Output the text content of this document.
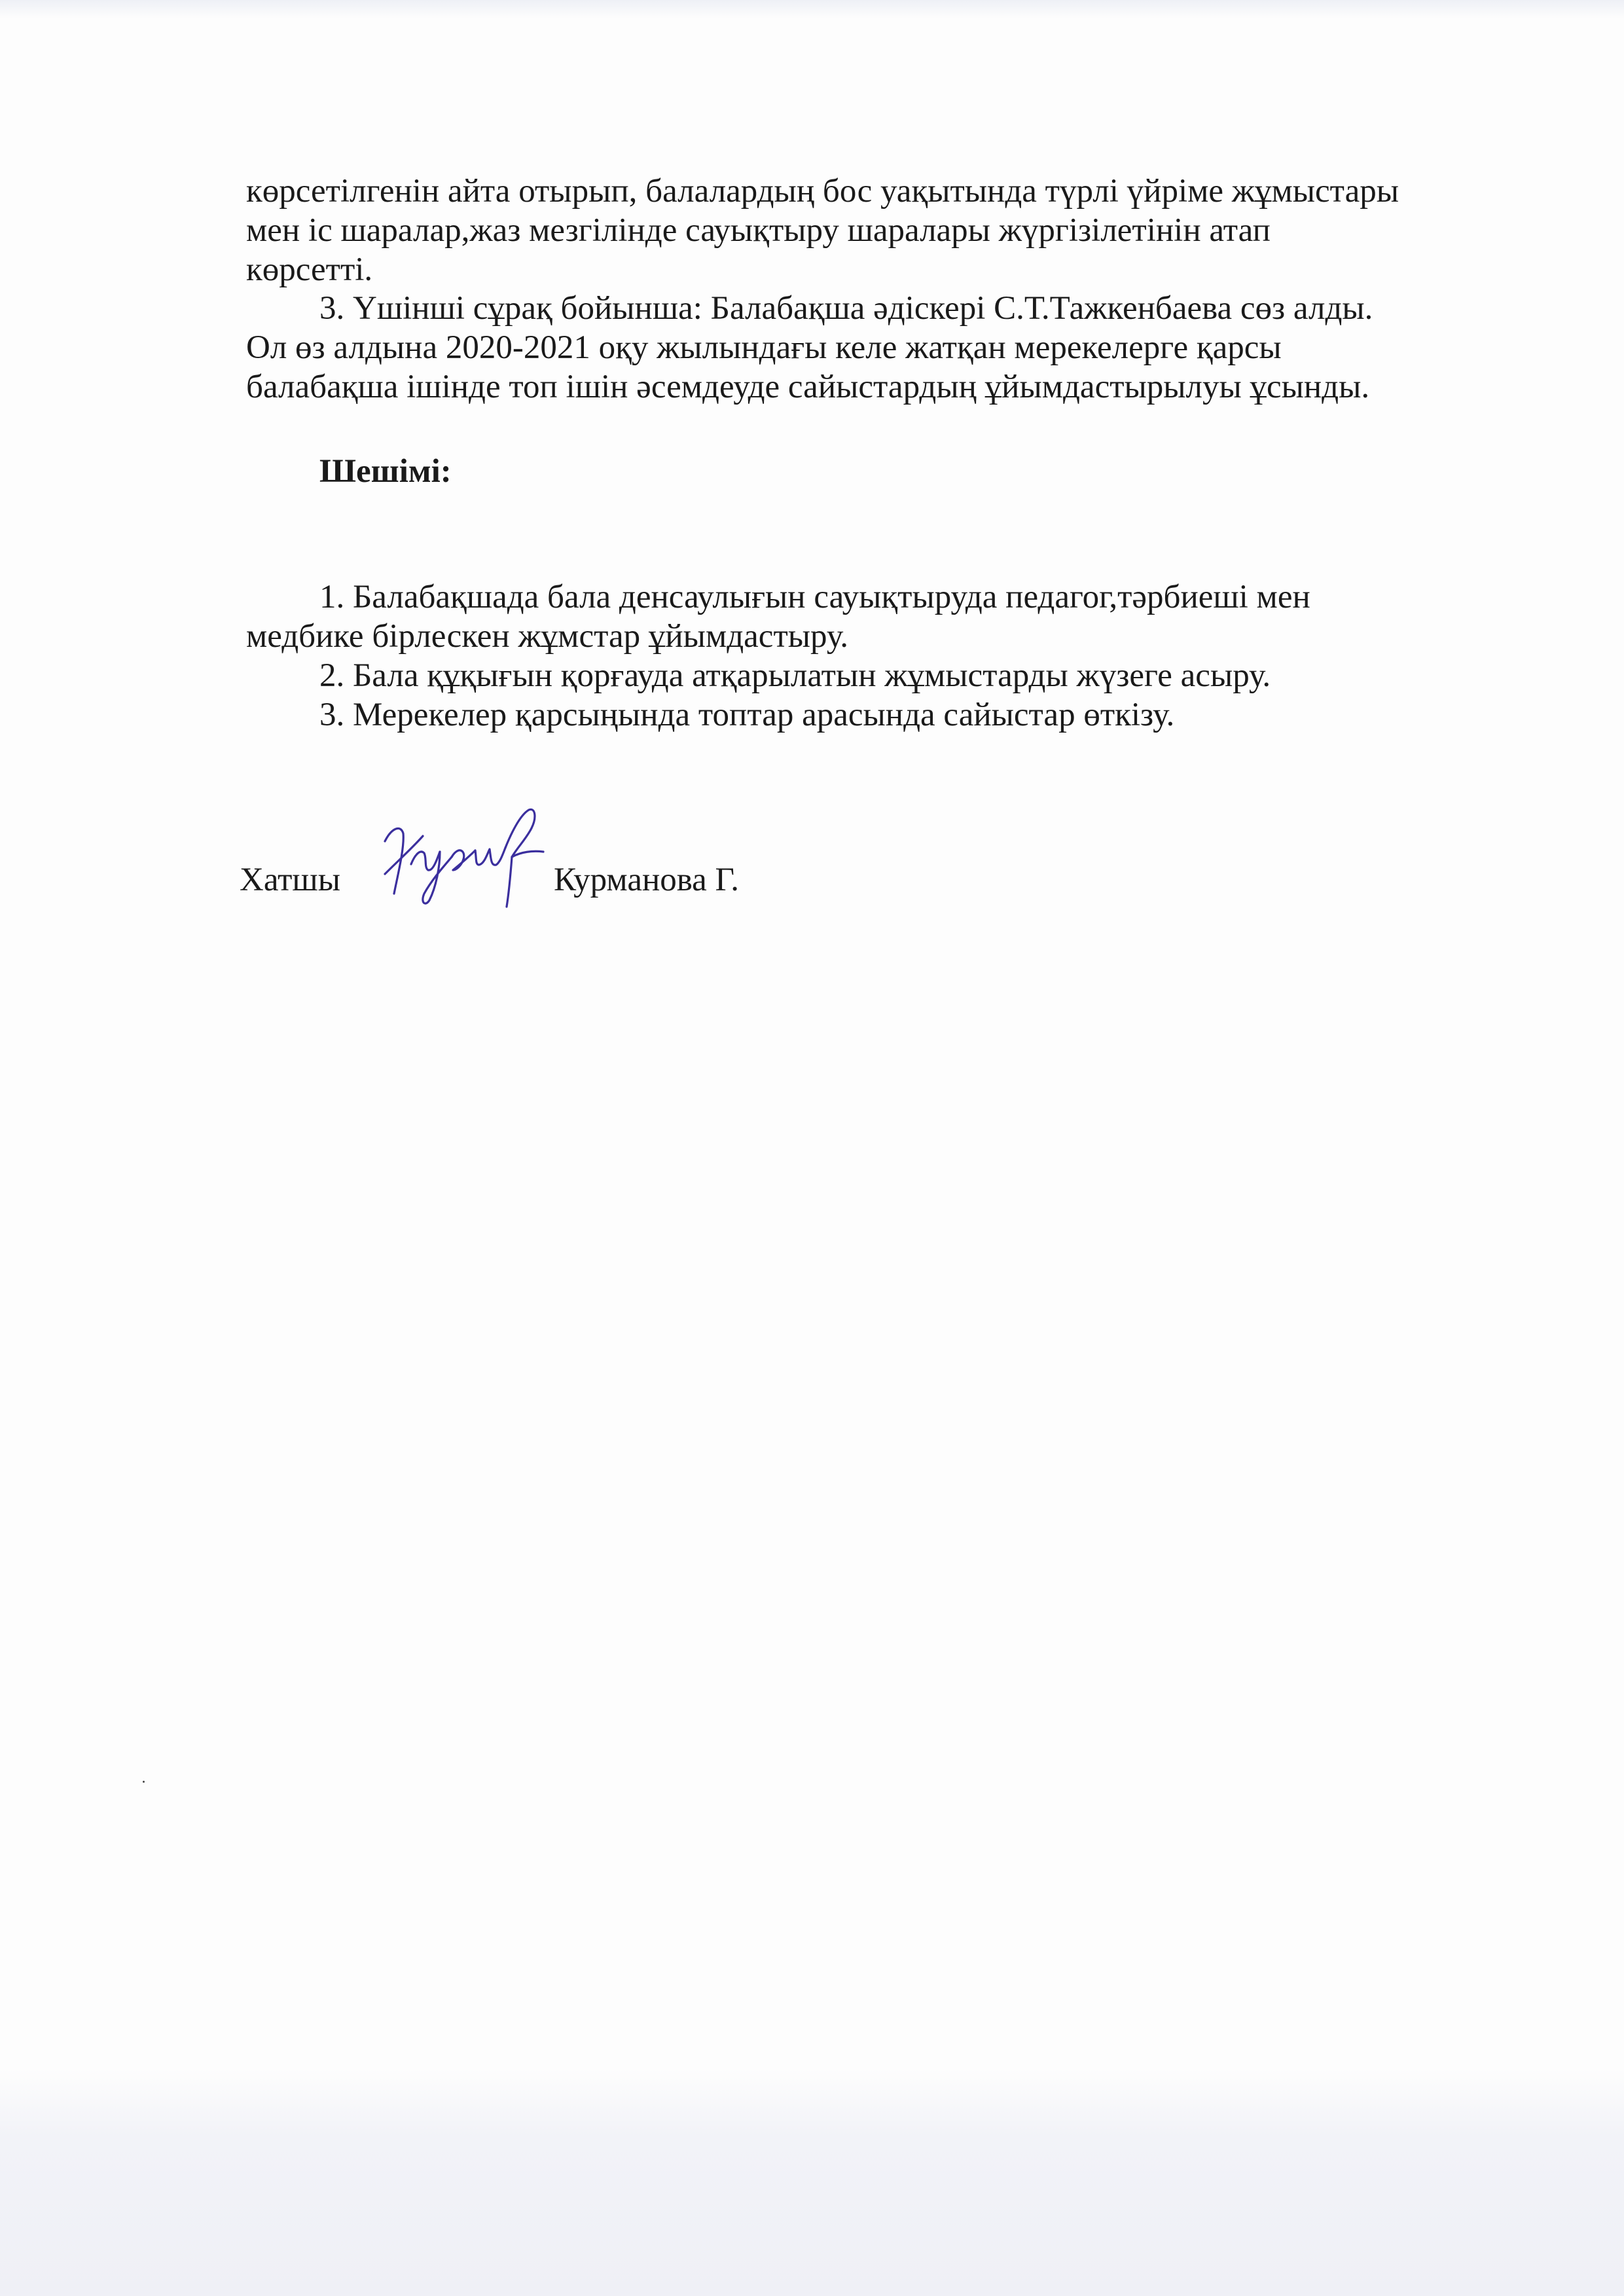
көрсетілгенін айта отырып, балалардың бос уақытында түрлі үйріме жұмыстары
мен іс шаралар,жаз мезгілінде сауықтыру шаралары жүргізілетінін атап
көрсетті.
3. Үшінші сұрақ бойынша: Балабақша әдіскері С.Т.Тажкенбаева сөз алды.
Ол өз алдына 2020-2021 оқу жылындағы келе жатқан мерекелерге қарсы
балабақша ішінде топ ішін әсемдеуде сайыстардың ұйымдастырылуы ұсынды.
Шешімі:
1. Балабақшада бала денсаулығын сауықтыруда педагог,тәрбиеші мен
медбике бірлескен жұмстар ұйымдастыру.
2. Бала құқығын қорғауда атқарылатын жұмыстарды жүзеге асыру.
3. Мерекелер қарсыңында топтар арасында сайыстар өткізу.
Хатшы	Курманова Г.
